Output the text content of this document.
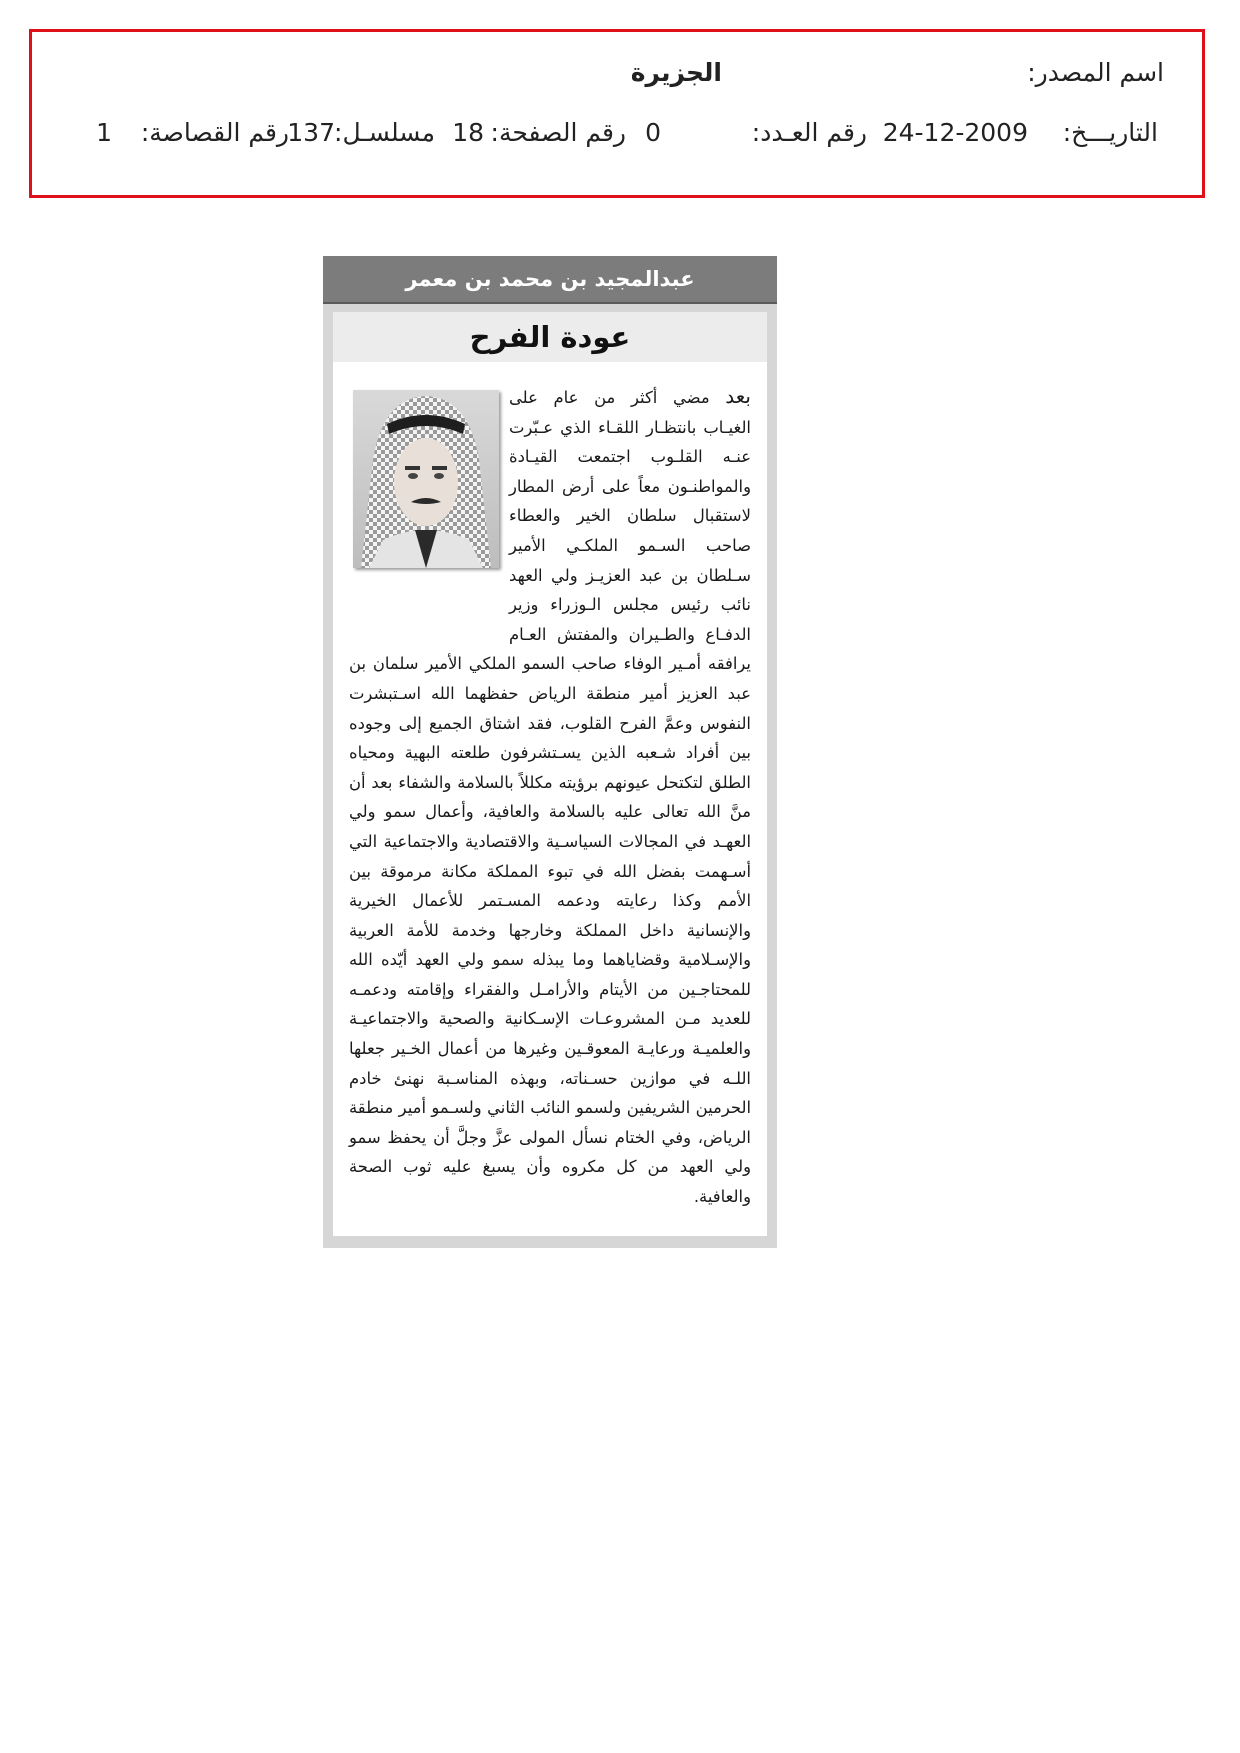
اسم المصدر:
الجزيرة
التاريـــخ:
24-12-2009
رقم العـدد:
0
رقم الصفحة:
18
مسلسـل:
137
رقم القصاصة:
1
عبدالمجيد بن محمد بن معمر
عودة الفرح
بعد مضي أكثر من عام على الغيـاب بانتظـار اللقـاء الذي عـبّرت عنـه القلـوب اجتمعت القيـادة والمواطنـون معاً على أرض المطار لاستقبال سلطان الخير والعطاء صاحب السـمو الملكـي الأمير سـلطان بن عبد العزيـز ولي العهد نائب رئيس مجلس الـوزراء وزير الدفـاع والطـيران والمفتش العـام يرافقه أمـير الوفاء صاحب السمو الملكي الأمير سلمان بن عبد العزيز أمير منطقة الرياض حفظهما الله اسـتبشرت النفوس وعمَّ الفرح القلوب، فقد اشتاق الجميع إلى وجوده بين أفراد شـعبه الذين يسـتشرفون طلعته البهية ومحياه الطلق لتكتحل عيونهم برؤيته مكللاً بالسلامة والشفاء بعد أن منَّ الله تعالى عليه بالسلامة والعافية، وأعمال سمو ولي العهـد في المجالات السياسـية والاقتصادية والاجتماعية التي أسـهمت بفضل الله في تبوء المملكة مكانة مرموقة بين الأمم وكذا رعايته ودعمه المسـتمر للأعمال الخيرية والإنسانية داخل المملكة وخارجها وخدمة للأمة العربية والإسـلامية وقضاياهما وما يبذله سمو ولي العهد أيّده الله للمحتاجـين من الأيتام والأرامـل والفقراء وإقامته ودعمـه للعديد مـن المشروعـات الإسـكانية والصحية والاجتماعيـة والعلميـة ورعايـة المعوقـين وغيرها من أعمال الخـير جعلها اللـه في موازين حسـناته، وبهذه المناسـبة نهنئ خادم الحرمين الشريفين ولسمو النائب الثاني ولسـمو أمير منطقة الرياض، وفي الختام نسأل المولى عزَّ وجلَّ أن يحفظ سمو ولي العهد من كل مكروه وأن يسبغ عليه ثوب الصحة والعافية.
